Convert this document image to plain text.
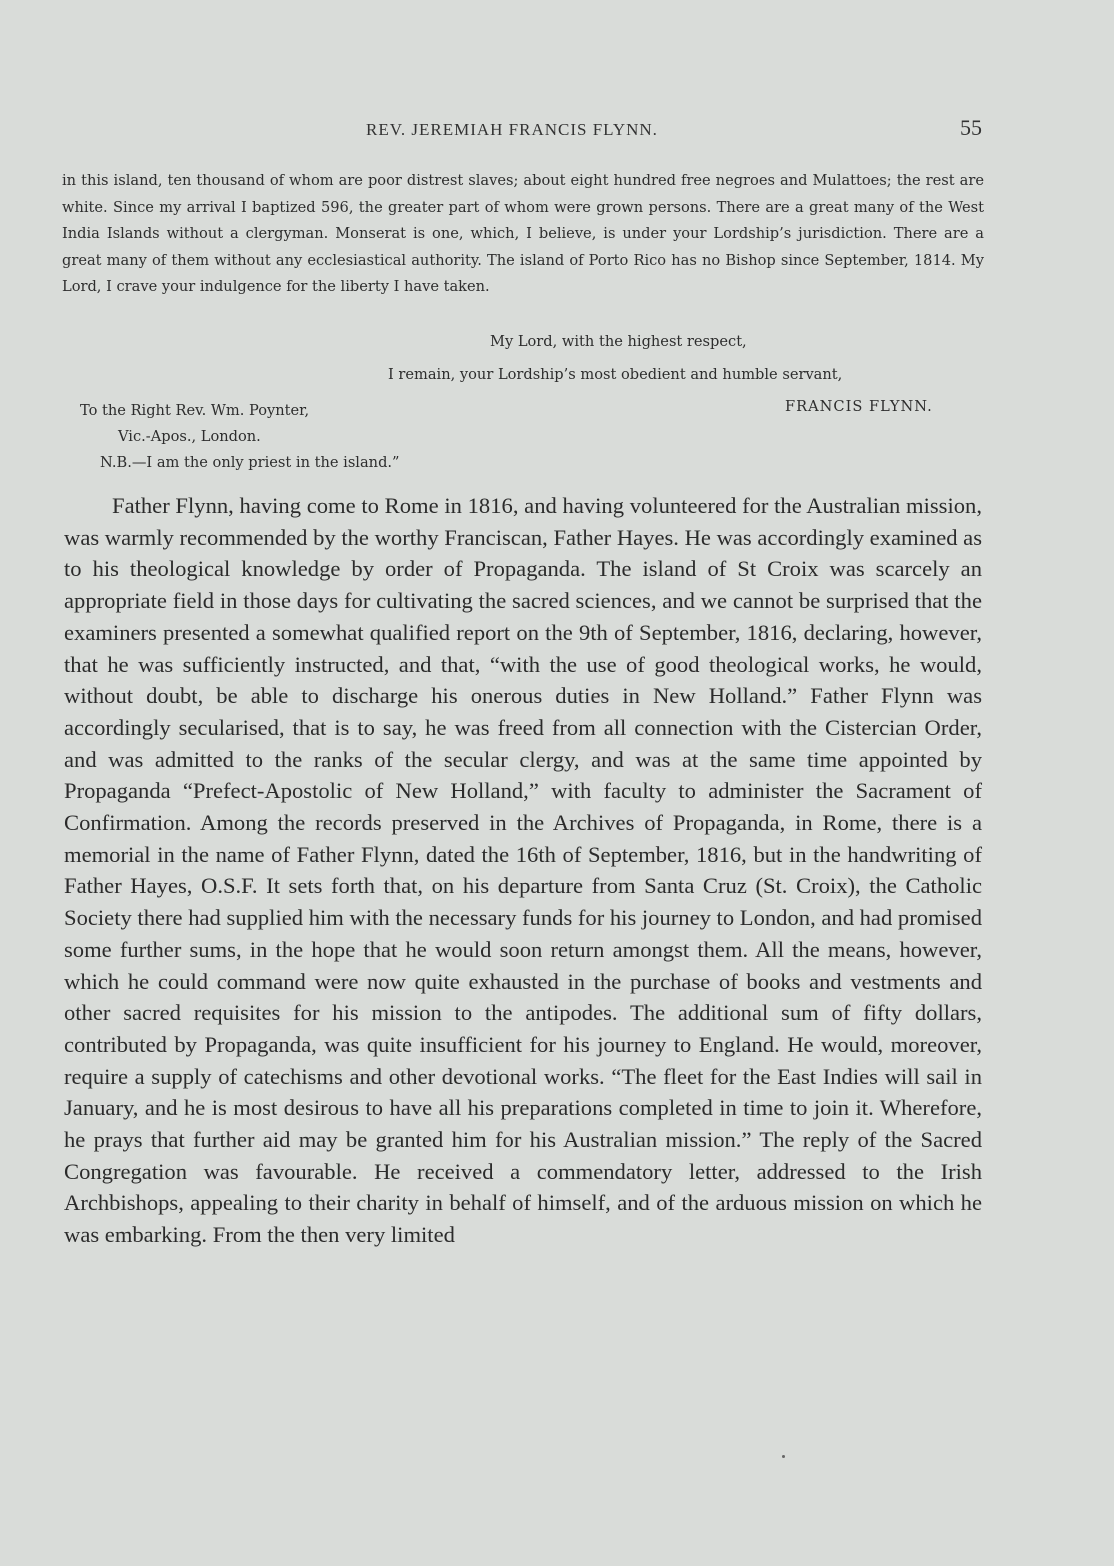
REV. JEREMIAH FRANCIS FLYNN.	55

in this island, ten thousand of whom are poor distrest slaves; about eight hundred free negroes and Mulattoes; the rest are white. Since my arrival I baptized 596, the greater part of whom were grown persons. There are a great many of the West India Islands without a clergyman. Monserat is one, which, I believe, is under your Lordship’s jurisdiction. There are a great many of them without any ecclesiastical authority. The island of Porto Rico has no Bishop since September, 1814. My Lord, I crave your indulgence for the liberty I have taken.

My Lord, with the highest respect,
I remain, your Lordship’s most obedient and humble servant,
To the Right Rev. Wm. Poynter,
Vic.-Apos., London.
N.B.—I am the only priest in the island.”
FRANCIS FLYNN.

Father Flynn, having come to Rome in 1816, and having volunteered for the Australian mission, was warmly recommended by the worthy Franciscan, Father Hayes. He was accordingly examined as to his theological knowledge by order of Propaganda. The island of St Croix was scarcely an appropriate field in those days for cultivating the sacred sciences, and we cannot be surprised that the examiners presented a somewhat qualified report on the 9th of September, 1816, declaring, however, that he was sufficiently instructed, and that, “with the use of good theological works, he would, without doubt, be able to discharge his onerous duties in New Holland.” Father Flynn was accordingly secularised, that is to say, he was freed from all connection with the Cistercian Order, and was admitted to the ranks of the secular clergy, and was at the same time appointed by Propaganda “Prefect-Apostolic of New Holland,” with faculty to administer the Sacrament of Confirmation. Among the records preserved in the Archives of Propaganda, in Rome, there is a memorial in the name of Father Flynn, dated the 16th of September, 1816, but in the handwriting of Father Hayes, O.S.F. It sets forth that, on his departure from Santa Cruz (St. Croix), the Catholic Society there had supplied him with the necessary funds for his journey to London, and had promised some further sums, in the hope that he would soon return amongst them. All the means, however, which he could command were now quite exhausted in the purchase of books and vestments and other sacred requisites for his mission to the antipodes. The additional sum of fifty dollars, contributed by Propaganda, was quite insufficient for his journey to England. He would, moreover, require a supply of catechisms and other devotional works. “The fleet for the East Indies will sail in January, and he is most desirous to have all his preparations completed in time to join it. Wherefore, he prays that further aid may be granted him for his Australian mission.” The reply of the Sacred Congregation was favourable. He received a commendatory letter, addressed to the Irish Archbishops, appealing to their charity in behalf of himself, and of the arduous mission on which he was embarking. From the then very limited
